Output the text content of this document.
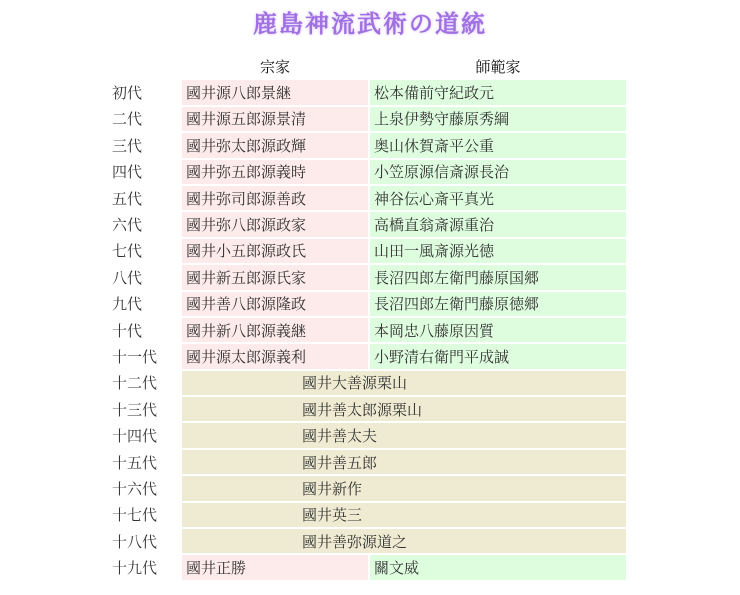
鹿島神流武術の道統
	宗家	師範家
初代	國井源八郎景継	松本備前守紀政元
二代	國井源五郎源景清	上泉伊勢守藤原秀綱
三代	國井弥太郎源政輝	奥山休賀斎平公重
四代	國井弥五郎源義時	小笠原源信斎源長治
五代	國井弥司郎源善政	神谷伝心斎平真光
六代	國井弥八郎源政家	高橋直翁斎源重治
七代	國井小五郎源政氏	山田一風斎源光徳
八代	國井新五郎源氏家	長沼四郎左衛門藤原国郷
九代	國井善八郎源隆政	長沼四郎左衛門藤原徳郷
十代	國井新八郎源義継	本岡忠八藤原因質
十一代	國井源太郎源義利	小野清右衛門平成誠
十二代	國井大善源栗山	
十三代	國井善太郎源栗山	
十四代	國井善太夫	
十五代	國井善五郎	
十六代	國井新作	
十七代	國井英三	
十八代	國井善弥源道之	
十九代	國井正勝	關文威
